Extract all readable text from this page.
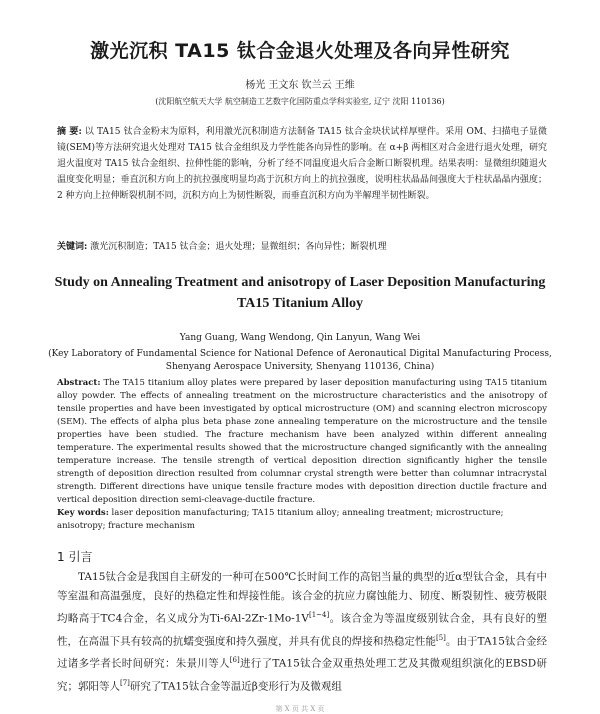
激光沉积 TA15 钛合金退火处理及各向异性研究
杨光 王文东 钦兰云 王维
(沈阳航空航天大学 航空制造工艺数字化国防重点学科实验室, 辽宁 沈阳 110136)
摘 要: 以 TA15 钛合金粉末为原料，利用激光沉积制造方法制备 TA15 钛合金块状试样厚壁件。采用 OM、扫描电子显微镜(SEM)等方法研究退火处理对 TA15 钛合金组织及力学性能各向异性的影响。在 α+β 两相区对合金进行退火处理，研究退火温度对 TA15 钛合金组织、拉伸性能的影响，分析了经不同温度退火后合金断口断裂机理。结果表明：显微组织随退火温度变化明显；垂直沉积方向上的抗拉强度明显均高于沉积方向上的抗拉强度，说明柱状晶晶间强度大于柱状晶晶内强度；2 种方向上拉伸断裂机制不同，沉积方向上为韧性断裂，而垂直沉积方向为半解理半韧性断裂。
关键词: 激光沉积制造；TA15 钛合金；退火处理；显微组织；各向异性；断裂机理
Study on Annealing Treatment and anisotropy of Laser Deposition Manufacturing TA15 Titanium Alloy
Yang Guang, Wang Wendong, Qin Lanyun, Wang Wei
(Key Laboratory of Fundamental Science for National Defence of Aeronautical Digital Manufacturing Process, Shenyang Aerospace University, Shenyang 110136, China)
Abstract: The TA15 titanium alloy plates were prepared by laser deposition manufacturing using TA15 titanium alloy powder. The effects of annealing treatment on the microstructure characteristics and the anisotropy of tensile properties and have been investigated by optical microstructure (OM) and scanning electron microscopy (SEM). The effects of alpha plus beta phase zone annealing temperature on the microstructure and the tensile properties have been studied. The fracture mechanism have been analyzed within different annealing temperature. The experimental results showed that the microstructure changed significantly with the annealing temperature increase. The tensile strength of vertical deposition direction significantly higher the tensile strength of deposition direction resulted from columnar crystal strength were better than columnar intracrystal strength. Different directions have unique tensile fracture modes with deposition direction ductile fracture and vertical deposition direction semi-cleavage-ductile fracture.
Key words: laser deposition manufacturing; TA15 titanium alloy; annealing treatment; microstructure; anisotropy; fracture mechanism
1 引言
TA15钛合金是我国自主研发的一种可在500℃长时间工作的高铝当量的典型的近α型钛合金，具有中等室温和高温强度，良好的热稳定性和焊接性能。该合金的抗应力腐蚀能力、韧度、断裂韧性、疲劳极限均略高于TC4合金，名义成分为Ti-6Al-2Zr-1Mo-1V[1~4]。该合金为等温度级别钛合金，具有良好的塑性，在高温下具有较高的抗蠕变强度和持久强度，并具有优良的焊接和热稳定性能[5]。由于TA15钛合金经过诸多学者长时间研究：朱景川等人[6]进行了TA15钛合金双重热处理工艺及其微观组织演化的EBSD研究；郭阳等人[7]研究了TA15钛合金等温近β变形行为及微观组
第 X 页 共 X 页
